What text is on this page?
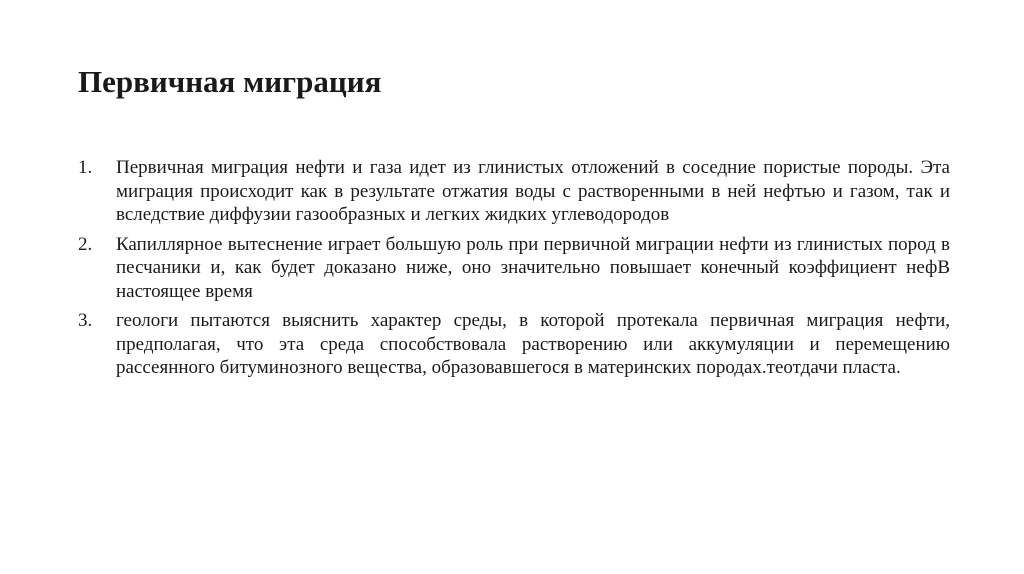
Первичная миграция
1. Первичная миграция нефти и газа идет из глинистых отложений в соседние пористые породы. Эта миграция происходит как в результате отжатия воды с растворенными в ней нефтью и газом, так и вследствие диффузии газообразных и легких жидких углеводородов
2. Капиллярное вытеснение играет большую роль при первичной миграции нефти из глинистых пород в песчаники и, как будет доказано ниже, оно значительно повышает конечный коэффициент нефВ настоящее время
3. геологи пытаются выяснить характер среды, в которой протекала первичная миграция нефти, предполагая, что эта среда способствовала растворению или аккумуляции и перемещению рассеянного битуминозного вещества, образовавшегося в материнских породах.теотдачи пласта.
